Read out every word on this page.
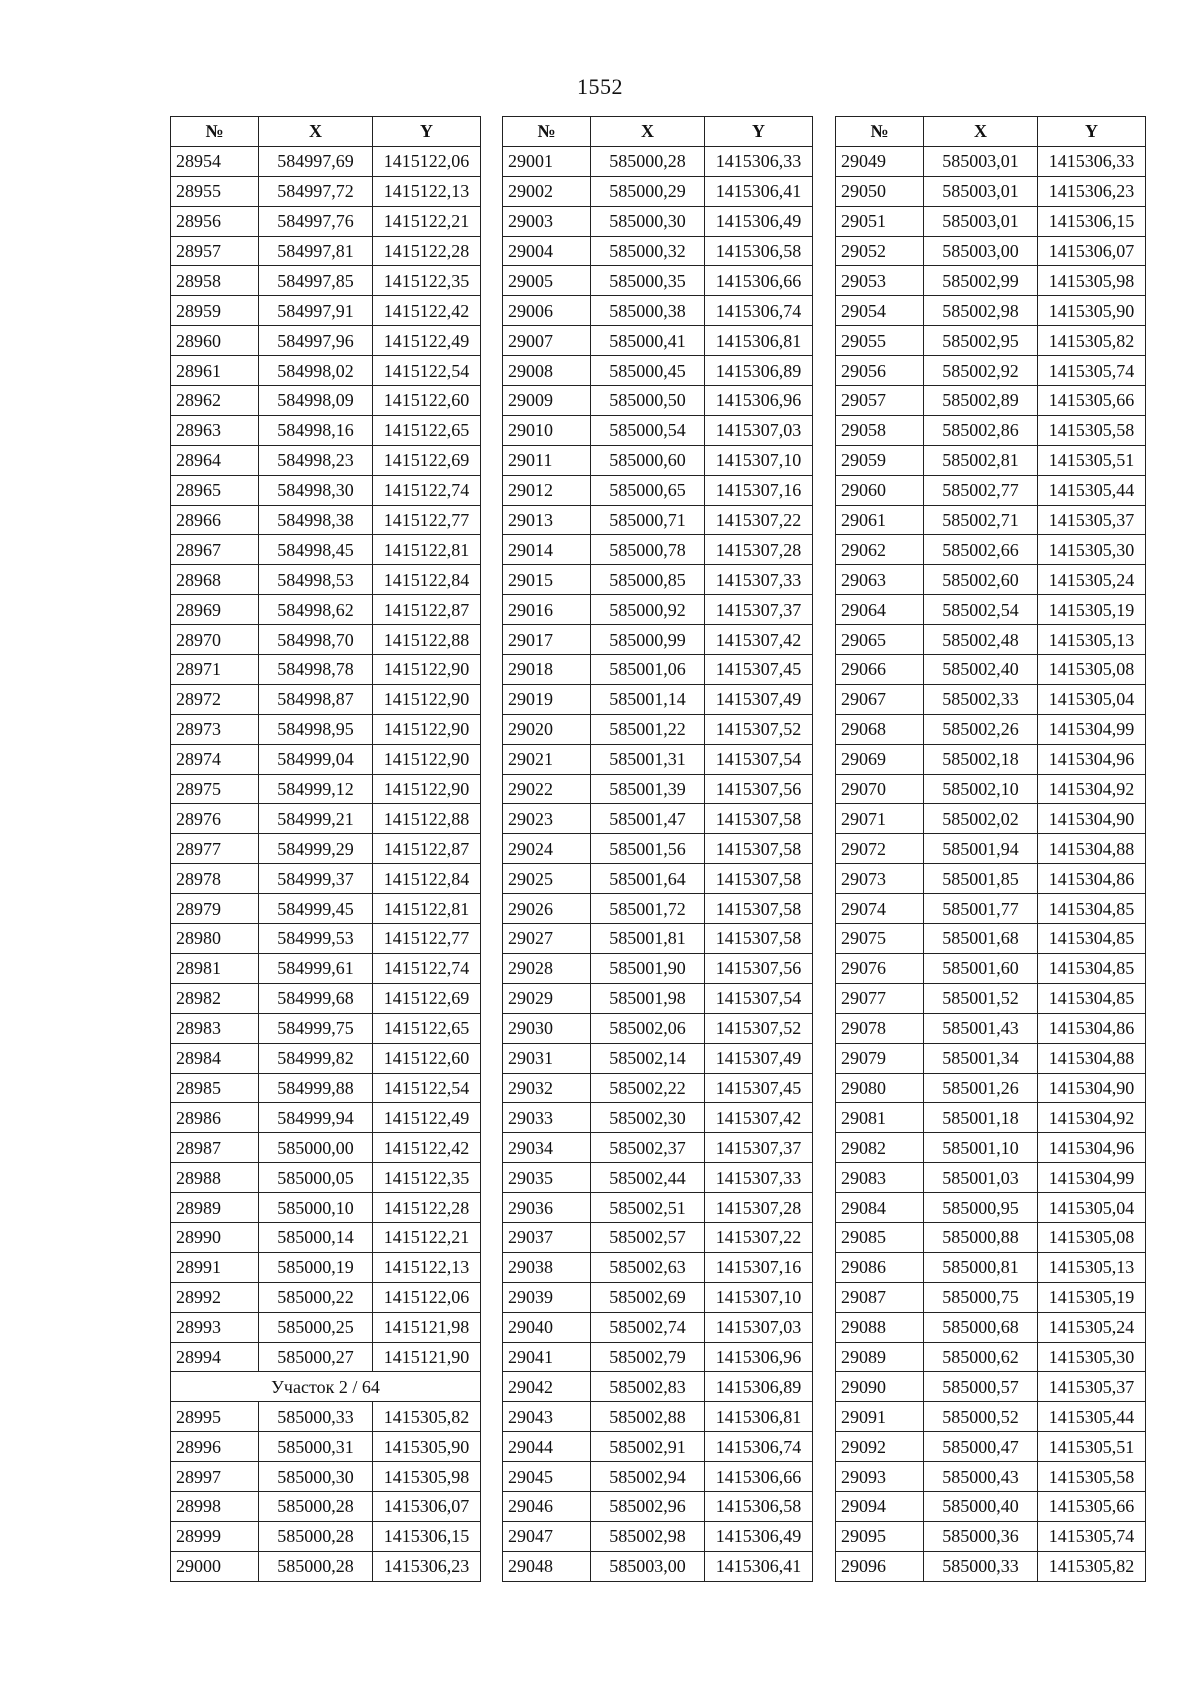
1552
№	X	Y
28954	584997,69	1415122,06
28955	584997,72	1415122,13
28956	584997,76	1415122,21
28957	584997,81	1415122,28
28958	584997,85	1415122,35
28959	584997,91	1415122,42
28960	584997,96	1415122,49
28961	584998,02	1415122,54
28962	584998,09	1415122,60
28963	584998,16	1415122,65
28964	584998,23	1415122,69
28965	584998,30	1415122,74
28966	584998,38	1415122,77
28967	584998,45	1415122,81
28968	584998,53	1415122,84
28969	584998,62	1415122,87
28970	584998,70	1415122,88
28971	584998,78	1415122,90
28972	584998,87	1415122,90
28973	584998,95	1415122,90
28974	584999,04	1415122,90
28975	584999,12	1415122,90
28976	584999,21	1415122,88
28977	584999,29	1415122,87
28978	584999,37	1415122,84
28979	584999,45	1415122,81
28980	584999,53	1415122,77
28981	584999,61	1415122,74
28982	584999,68	1415122,69
28983	584999,75	1415122,65
28984	584999,82	1415122,60
28985	584999,88	1415122,54
28986	584999,94	1415122,49
28987	585000,00	1415122,42
28988	585000,05	1415122,35
28989	585000,10	1415122,28
28990	585000,14	1415122,21
28991	585000,19	1415122,13
28992	585000,22	1415122,06
28993	585000,25	1415121,98
28994	585000,27	1415121,90
Участок 2 / 64		
28995	585000,33	1415305,82
28996	585000,31	1415305,90
28997	585000,30	1415305,98
28998	585000,28	1415306,07
28999	585000,28	1415306,15
29000	585000,28	1415306,23
№	X	Y
29001	585000,28	1415306,33
29002	585000,29	1415306,41
29003	585000,30	1415306,49
29004	585000,32	1415306,58
29005	585000,35	1415306,66
29006	585000,38	1415306,74
29007	585000,41	1415306,81
29008	585000,45	1415306,89
29009	585000,50	1415306,96
29010	585000,54	1415307,03
29011	585000,60	1415307,10
29012	585000,65	1415307,16
29013	585000,71	1415307,22
29014	585000,78	1415307,28
29015	585000,85	1415307,33
29016	585000,92	1415307,37
29017	585000,99	1415307,42
29018	585001,06	1415307,45
29019	585001,14	1415307,49
29020	585001,22	1415307,52
29021	585001,31	1415307,54
29022	585001,39	1415307,56
29023	585001,47	1415307,58
29024	585001,56	1415307,58
29025	585001,64	1415307,58
29026	585001,72	1415307,58
29027	585001,81	1415307,58
29028	585001,90	1415307,56
29029	585001,98	1415307,54
29030	585002,06	1415307,52
29031	585002,14	1415307,49
29032	585002,22	1415307,45
29033	585002,30	1415307,42
29034	585002,37	1415307,37
29035	585002,44	1415307,33
29036	585002,51	1415307,28
29037	585002,57	1415307,22
29038	585002,63	1415307,16
29039	585002,69	1415307,10
29040	585002,74	1415307,03
29041	585002,79	1415306,96
29042	585002,83	1415306,89
29043	585002,88	1415306,81
29044	585002,91	1415306,74
29045	585002,94	1415306,66
29046	585002,96	1415306,58
29047	585002,98	1415306,49
29048	585003,00	1415306,41
№	X	Y
29049	585003,01	1415306,33
29050	585003,01	1415306,23
29051	585003,01	1415306,15
29052	585003,00	1415306,07
29053	585002,99	1415305,98
29054	585002,98	1415305,90
29055	585002,95	1415305,82
29056	585002,92	1415305,74
29057	585002,89	1415305,66
29058	585002,86	1415305,58
29059	585002,81	1415305,51
29060	585002,77	1415305,44
29061	585002,71	1415305,37
29062	585002,66	1415305,30
29063	585002,60	1415305,24
29064	585002,54	1415305,19
29065	585002,48	1415305,13
29066	585002,40	1415305,08
29067	585002,33	1415305,04
29068	585002,26	1415304,99
29069	585002,18	1415304,96
29070	585002,10	1415304,92
29071	585002,02	1415304,90
29072	585001,94	1415304,88
29073	585001,85	1415304,86
29074	585001,77	1415304,85
29075	585001,68	1415304,85
29076	585001,60	1415304,85
29077	585001,52	1415304,85
29078	585001,43	1415304,86
29079	585001,34	1415304,88
29080	585001,26	1415304,90
29081	585001,18	1415304,92
29082	585001,10	1415304,96
29083	585001,03	1415304,99
29084	585000,95	1415305,04
29085	585000,88	1415305,08
29086	585000,81	1415305,13
29087	585000,75	1415305,19
29088	585000,68	1415305,24
29089	585000,62	1415305,30
29090	585000,57	1415305,37
29091	585000,52	1415305,44
29092	585000,47	1415305,51
29093	585000,43	1415305,58
29094	585000,40	1415305,66
29095	585000,36	1415305,74
29096	585000,33	1415305,82
